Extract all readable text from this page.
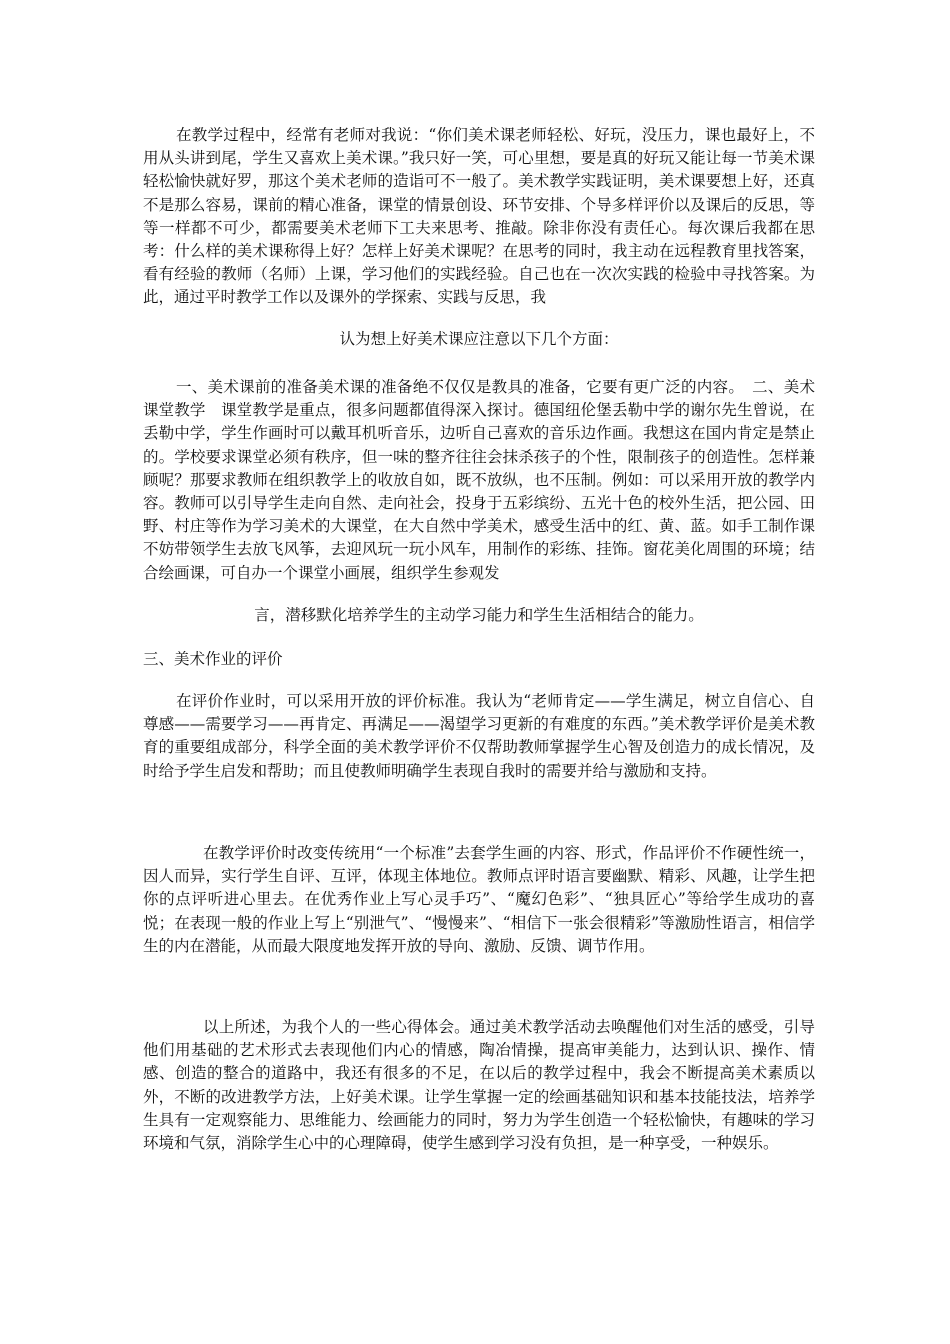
在教学过程中，经常有老师对我说：“你们美术课老师轻松、好玩，没压力，课也最好上，不用从头讲到尾，学生又喜欢上美术课。”我只好一笑，可心里想，要是真的好玩又能让每一节美术课轻松愉快就好罗，那这个美术老师的造诣可不一般了。美术教学实践证明，美术课要想上好，还真不是那么容易，课前的精心准备，课堂的情景创设、环节安排、个导多样评价以及课后的反思，等等一样都不可少，都需要美术老师下工夫来思考、推敲。除非你没有责任心。每次课后我都在思考：什么样的美术课称得上好？怎样上好美术课呢？在思考的同时，我主动在远程教育里找答案，看有经验的教师（名师）上课，学习他们的实践经验。自己也在一次次实践的检验中寻找答案。为此，通过平时教学工作以及课外的学探索、实践与反思，我

认为想上好美术课应注意以下几个方面：

一、美术课前的准备美术课的准备绝不仅仅是教具的准备，它要有更广泛的内容。　二、美术课堂教学　课堂教学是重点，很多问题都值得深入探讨。德国纽伦堡丢勒中学的谢尔先生曾说，在丢勒中学，学生作画时可以戴耳机听音乐，边听自己喜欢的音乐边作画。我想这在国内肯定是禁止的。学校要求课堂必须有秩序，但一味的整齐往往会抹杀孩子的个性，限制孩子的创造性。怎样兼顾呢？那要求教师在组织教学上的收放自如，既不放纵，也不压制。例如：可以采用开放的教学内容。教师可以引导学生走向自然、走向社会，投身于五彩缤纷、五光十色的校外生活，把公园、田野、村庄等作为学习美术的大课堂，在大自然中学美术，感受生活中的红、黄、蓝。如手工制作课不妨带领学生去放飞风筝，去迎风玩一玩小风车，用制作的彩练、挂饰。窗花美化周围的环境；结合绘画课，可自办一个课堂小画展，组织学生参观发

言，潜移默化培养学生的主动学习能力和学生生活相结合的能力。

三、美术作业的评价

在评价作业时，可以采用开放的评价标准。我认为“老师肯定——学生满足，树立自信心、自尊感——需要学习——再肯定、再满足——渴望学习更新的有难度的东西。”美术教学评价是美术教育的重要组成部分，科学全面的美术教学评价不仅帮助教师掌握学生心智及创造力的成长情况，及时给予学生启发和帮助；而且使教师明确学生表现自我时的需要并给与激励和支持。

在教学评价时改变传统用“一个标准”去套学生画的内容、形式，作品评价不作硬性统一，因人而异，实行学生自评、互评，体现主体地位。教师点评时语言要幽默、精彩、风趣，让学生把你的点评听进心里去。在优秀作业上写心灵手巧”、“魔幻色彩”、“独具匠心”等给学生成功的喜悦；在表现一般的作业上写上“别泄气”、“慢慢来”、“相信下一张会很精彩”等激励性语言，相信学生的内在潜能，从而最大限度地发挥开放的导向、激励、反馈、调节作用。

以上所述，为我个人的一些心得体会。通过美术教学活动去唤醒他们对生活的感受，引导他们用基础的艺术形式去表现他们内心的情感，陶冶情操，提高审美能力，达到认识、操作、情感、创造的整合的道路中，我还有很多的不足，在以后的教学过程中，我会不断提高美术素质以外，不断的改进教学方法，上好美术课。让学生掌握一定的绘画基础知识和基本技能技法，培养学生具有一定观察能力、思维能力、绘画能力的同时，努力为学生创造一个轻松愉快，有趣味的学习环境和气氛，消除学生心中的心理障碍，使学生感到学习没有负担，是一种享受，一种娱乐。
